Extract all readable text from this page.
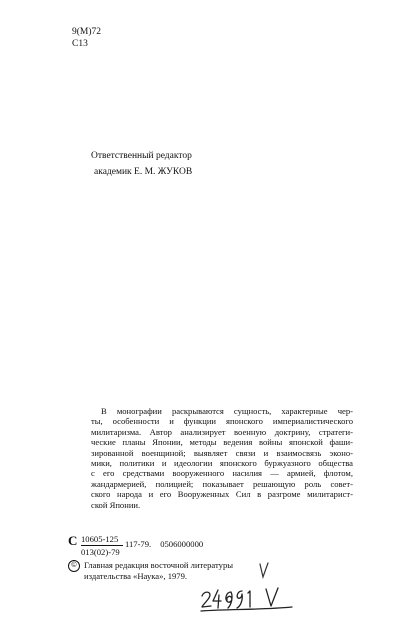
9(М)72
С13
Ответственный редактор
академик Е. М. ЖУКОВ
В монографии раскрываются сущность, характерные чер-
ты, особенности и функции японского империалистического
милитаризма. Автор анализирует военную доктрину, стратеги-
ческие планы Японии, методы ведения войны японской фаши-
зированной военщиной; выявляет связи и взаимосвязь эконо-
мики, политики и идеологии японского буржуазного общества
с его средствами вооруженного насилия — армией, флотом,
жандармерией, полицией; показывает решающую роль совет-
ского народа и его Вооруженных Сил в разгроме милитарист-
ской Японии.
С 10605-125
013(02)-79
117-79. 0506000000
© Главная редакция восточной литературы
издательства «Наука», 1979.
